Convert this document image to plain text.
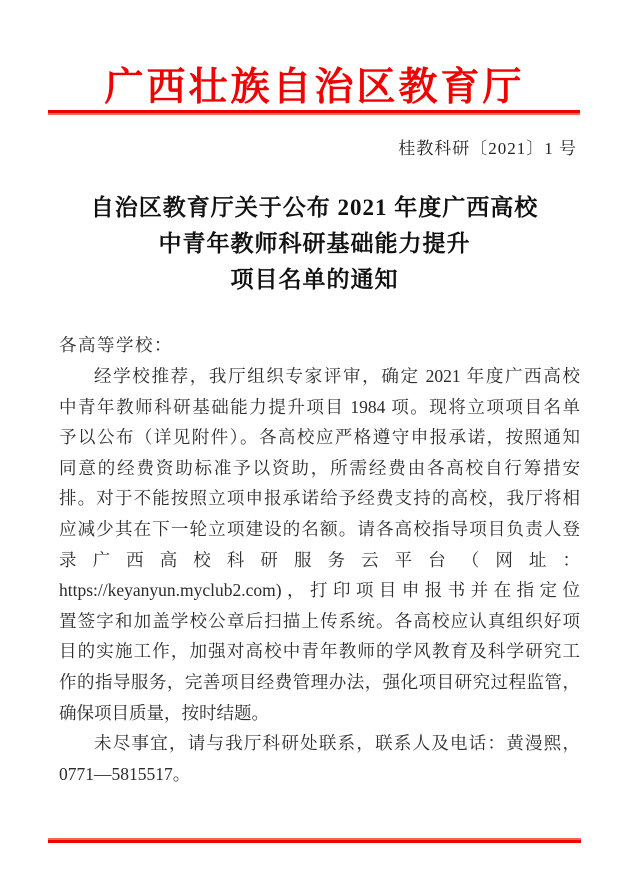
广西壮族自治区教育厅
桂教科研〔2021〕1 号
自治区教育厅关于公布 2021 年度广西高校
中青年教师科研基础能力提升
项目名单的通知
各高等学校：
经学校推荐，我厅组织专家评审，确定 2021 年度广西高校
中青年教师科研基础能力提升项目 1984 项。现将立项项目名单
予以公布（详见附件）。各高校应严格遵守申报承诺，按照通知
同意的经费资助标准予以资助，所需经费由各高校自行筹措安
排。对于不能按照立项申报承诺给予经费支持的高校，我厅将相
应减少其在下一轮立项建设的名额。请各高校指导项目负责人登
录 广 西 高 校 科 研 服 务 云 平 台 （ 网 址 ：
https://keyanyun.myclub2.com)，打印项目申报书并在指定位
置签字和加盖学校公章后扫描上传系统。各高校应认真组织好项
目的实施工作，加强对高校中青年教师的学风教育及科学研究工
作的指导服务，完善项目经费管理办法，强化项目研究过程监管，
确保项目质量，按时结题。
未尽事宜，请与我厅科研处联系，联系人及电话：黄漫熙，
0771—5815517。
